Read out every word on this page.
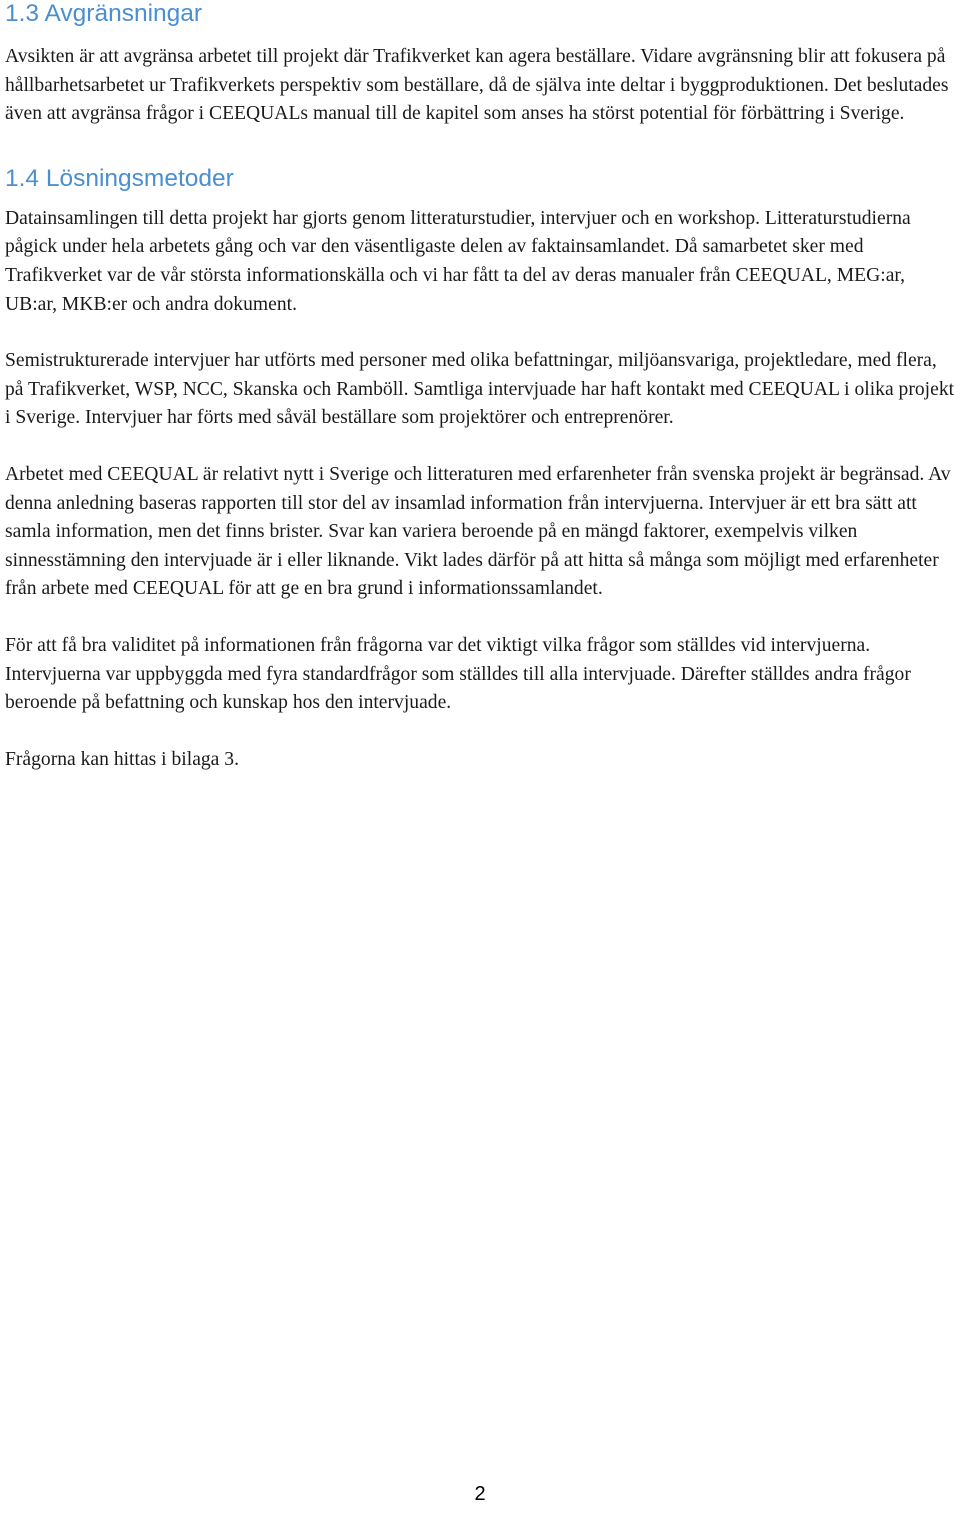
1.3 Avgränsningar

Avsikten är att avgränsa arbetet till projekt där Trafikverket kan agera beställare. Vidare avgränsning blir att fokusera på hållbarhetsarbetet ur Trafikverkets perspektiv som beställare, då de själva inte deltar i byggproduktionen. Det beslutades även att avgränsa frågor i CEEQUALs manual till de kapitel som anses ha störst potential för förbättring i Sverige.

1.4 Lösningsmetoder

Datainsamlingen till detta projekt har gjorts genom litteraturstudier, intervjuer och en workshop. Litteraturstudierna pågick under hela arbetets gång och var den väsentligaste delen av faktainsamlandet. Då samarbetet sker med Trafikverket var de vår största informationskälla och vi har fått ta del av deras manualer från CEEQUAL, MEG:ar, UB:ar, MKB:er och andra dokument.

Semistrukturerade intervjuer har utförts med personer med olika befattningar, miljöansvariga, projektledare, med flera, på Trafikverket, WSP, NCC, Skanska och Ramböll. Samtliga intervjuade har haft kontakt med CEEQUAL i olika projekt i Sverige. Intervjuer har förts med såväl beställare som projektörer och entreprenörer.

Arbetet med CEEQUAL är relativt nytt i Sverige och litteraturen med erfarenheter från svenska projekt är begränsad. Av denna anledning baseras rapporten till stor del av insamlad information från intervjuerna. Intervjuer är ett bra sätt att samla information, men det finns brister. Svar kan variera beroende på en mängd faktorer, exempelvis vilken sinnesstämning den intervjuade är i eller liknande. Vikt lades därför på att hitta så många som möjligt med erfarenheter från arbete med CEEQUAL för att ge en bra grund i informationssamlandet.

För att få bra validitet på informationen från frågorna var det viktigt vilka frågor som ställdes vid intervjuerna. Intervjuerna var uppbyggda med fyra standardfrågor som ställdes till alla intervjuade. Därefter ställdes andra frågor beroende på befattning och kunskap hos den intervjuade.

Frågorna kan hittas i bilaga 3.

2
